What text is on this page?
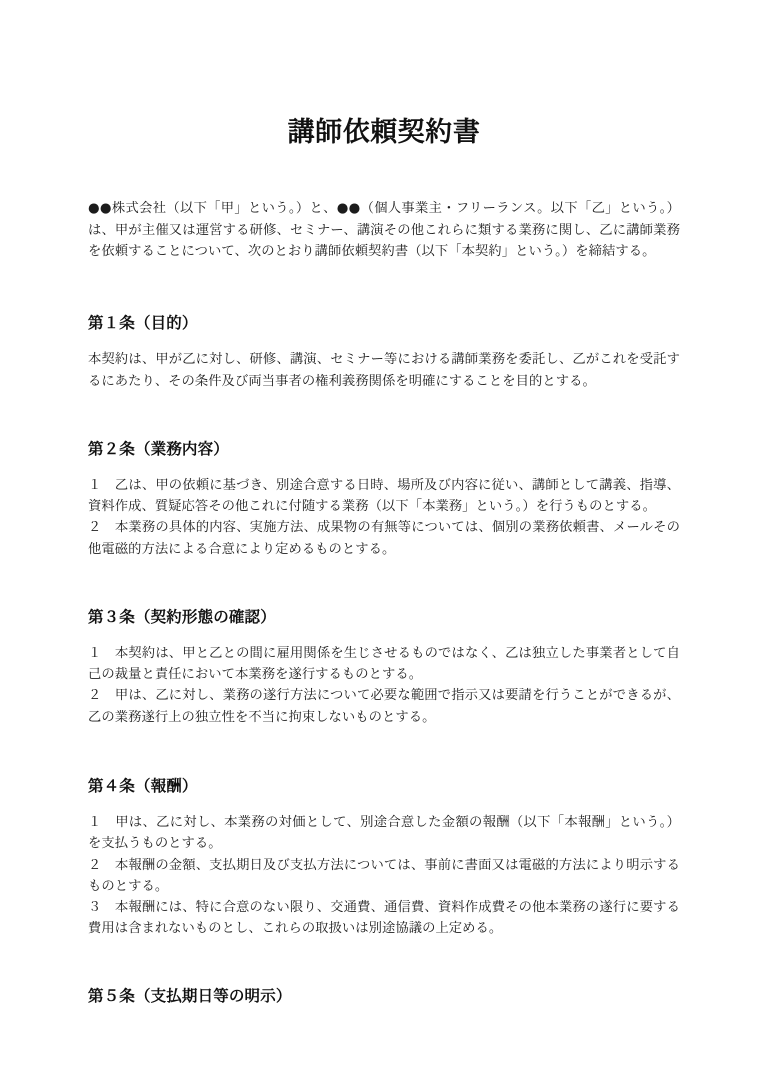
講師依頼契約書

●●株式会社（以下「甲」という。）と、●●（個人事業主・フリーランス。以下「乙」という。）は、甲が主催又は運営する研修、セミナー、講演その他これらに類する業務に関し、乙に講師業務を依頼することについて、次のとおり講師依頼契約書（以下「本契約」という。）を締結する。

第１条（目的）

本契約は、甲が乙に対し、研修、講演、セミナー等における講師業務を委託し、乙がこれを受託するにあたり、その条件及び両当事者の権利義務関係を明確にすることを目的とする。

第２条（業務内容）

１　乙は、甲の依頼に基づき、別途合意する日時、場所及び内容に従い、講師として講義、指導、資料作成、質疑応答その他これに付随する業務（以下「本業務」という。）を行うものとする。

２　本業務の具体的内容、実施方法、成果物の有無等については、個別の業務依頼書、メールその他電磁的方法による合意により定めるものとする。

第３条（契約形態の確認）

１　本契約は、甲と乙との間に雇用関係を生じさせるものではなく、乙は独立した事業者として自己の裁量と責任において本業務を遂行するものとする。

２　甲は、乙に対し、業務の遂行方法について必要な範囲で指示又は要請を行うことができるが、乙の業務遂行上の独立性を不当に拘束しないものとする。

第４条（報酬）

１　甲は、乙に対し、本業務の対価として、別途合意した金額の報酬（以下「本報酬」という。）を支払うものとする。

２　本報酬の金額、支払期日及び支払方法については、事前に書面又は電磁的方法により明示するものとする。

３　本報酬には、特に合意のない限り、交通費、通信費、資料作成費その他本業務の遂行に要する費用は含まれないものとし、これらの取扱いは別途協議の上定める。

第５条（支払期日等の明示）
